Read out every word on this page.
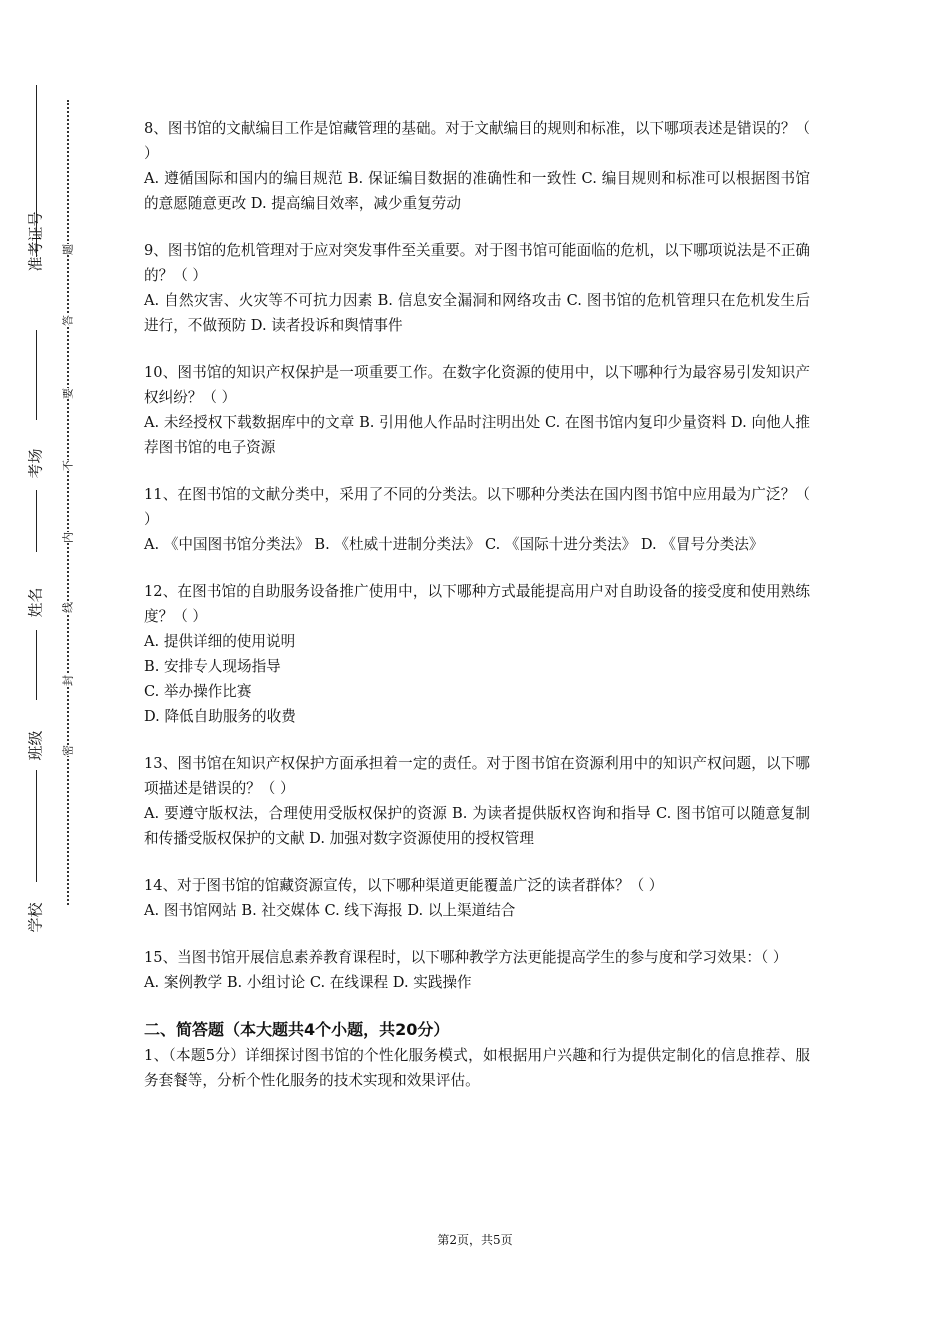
准考证号
考场
姓名
班级
学校
题
答
要
不
内
线
封
密

8、图书馆的文献编目工作是馆藏管理的基础。对于文献编目的规则和标准，以下哪项表述是错误的？（ ）

A. 遵循国际和国内的编目规范 B. 保证编目数据的准确性和一致性 C. 编目规则和标准可以根据图书馆的意愿随意更改 D. 提高编目效率，减少重复劳动

9、图书馆的危机管理对于应对突发事件至关重要。对于图书馆可能面临的危机，以下哪项说法是不正确的？（ ）

A. 自然灾害、火灾等不可抗力因素 B. 信息安全漏洞和网络攻击 C. 图书馆的危机管理只在危机发生后进行，不做预防 D. 读者投诉和舆情事件

10、图书馆的知识产权保护是一项重要工作。在数字化资源的使用中，以下哪种行为最容易引发知识产权纠纷？（ ）

A. 未经授权下载数据库中的文章 B. 引用他人作品时注明出处 C. 在图书馆内复印少量资料 D. 向他人推荐图书馆的电子资源

11、在图书馆的文献分类中，采用了不同的分类法。以下哪种分类法在国内图书馆中应用最为广泛？（ ）

A. 《中国图书馆分类法》 B. 《杜威十进制分类法》 C. 《国际十进分类法》 D. 《冒号分类法》

12、在图书馆的自助服务设备推广使用中，以下哪种方式最能提高用户对自助设备的接受度和使用熟练度？（ ）

A. 提供详细的使用说明

B. 安排专人现场指导

C. 举办操作比赛

D. 降低自助服务的收费

13、图书馆在知识产权保护方面承担着一定的责任。对于图书馆在资源利用中的知识产权问题，以下哪项描述是错误的？（ ）

A. 要遵守版权法，合理使用受版权保护的资源 B. 为读者提供版权咨询和指导 C. 图书馆可以随意复制和传播受版权保护的文献 D. 加强对数字资源使用的授权管理

14、对于图书馆的馆藏资源宣传，以下哪种渠道更能覆盖广泛的读者群体？（ ）

A. 图书馆网站 B. 社交媒体 C. 线下海报 D. 以上渠道结合

15、当图书馆开展信息素养教育课程时，以下哪种教学方法更能提高学生的参与度和学习效果：（ ）

A. 案例教学 B. 小组讨论 C. 在线课程 D. 实践操作

二、简答题（本大题共4个小题，共20分）

1、（本题5分）详细探讨图书馆的个性化服务模式，如根据用户兴趣和行为提供定制化的信息推荐、服务套餐等，分析个性化服务的技术实现和效果评估。

第2页，共5页
